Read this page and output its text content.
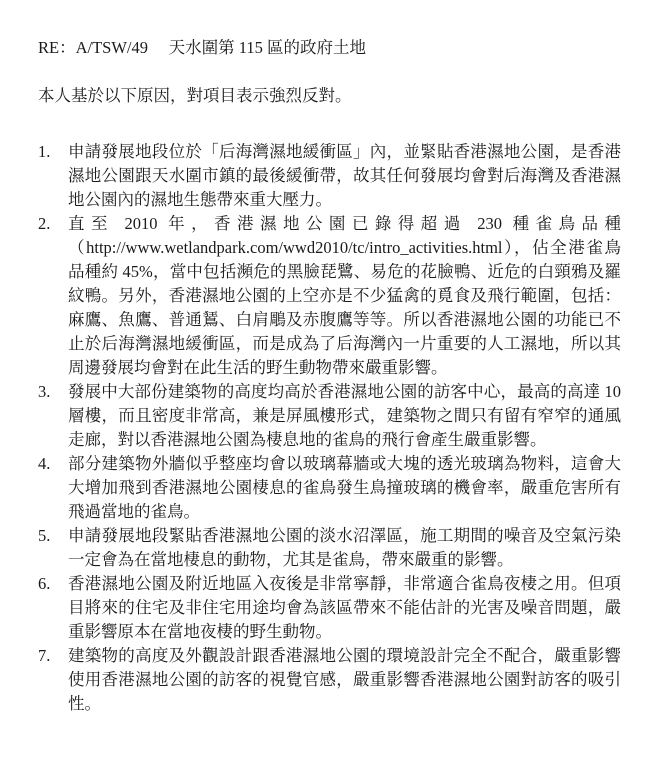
RE：A/TSW/49　 天水圍第 115 區的政府土地

本人基於以下原因，對項目表示強烈反對。

1.	申請發展地段位於「后海灣濕地緩衝區」內，並緊貼香港濕地公園，是香港濕地公園跟天水圍市鎮的最後緩衝帶，故其任何發展均會對后海灣及香港濕地公園內的濕地生態帶來重大壓力。
2.	直至 2010 年，香港濕地公園已錄得超過 230 種雀鳥品種（http://www.wetlandpark.com/wwd2010/tc/intro_activities.html），佔全港雀鳥品種約 45%，當中包括瀕危的黑臉琵鷺、易危的花臉鴨、近危的白頸鴉及羅紋鴨。另外，香港濕地公園的上空亦是不少猛禽的覓食及飛行範圍，包括：麻鷹、魚鷹、普通鵟、白肩鵰及赤腹鷹等等。所以香港濕地公園的功能已不止於后海灣濕地緩衝區，而是成為了后海灣內一片重要的人工濕地，所以其周邊發展均會對在此生活的野生動物帶來嚴重影響。
3.	發展中大部份建築物的高度均高於香港濕地公園的訪客中心，最高的高達 10 層樓，而且密度非常高，兼是屏風樓形式，建築物之間只有留有窄窄的通風走廊，對以香港濕地公園為棲息地的雀鳥的飛行會產生嚴重影響。
4.	部分建築物外牆似乎整座均會以玻璃幕牆或大塊的透光玻璃為物料，這會大大增加飛到香港濕地公園棲息的雀鳥發生鳥撞玻璃的機會率，嚴重危害所有飛過當地的雀鳥。
5.	申請發展地段緊貼香港濕地公園的淡水沼澤區，施工期間的噪音及空氣污染一定會為在當地棲息的動物，尤其是雀鳥，帶來嚴重的影響。
6.	香港濕地公園及附近地區入夜後是非常寧靜，非常適合雀鳥夜棲之用。但項目將來的住宅及非住宅用途均會為該區帶來不能估計的光害及噪音問題，嚴重影響原本在當地夜棲的野生動物。
7.	建築物的高度及外觀設計跟香港濕地公園的環境設計完全不配合，嚴重影響使用香港濕地公園的訪客的視覺官感，嚴重影響香港濕地公園對訪客的吸引性。
